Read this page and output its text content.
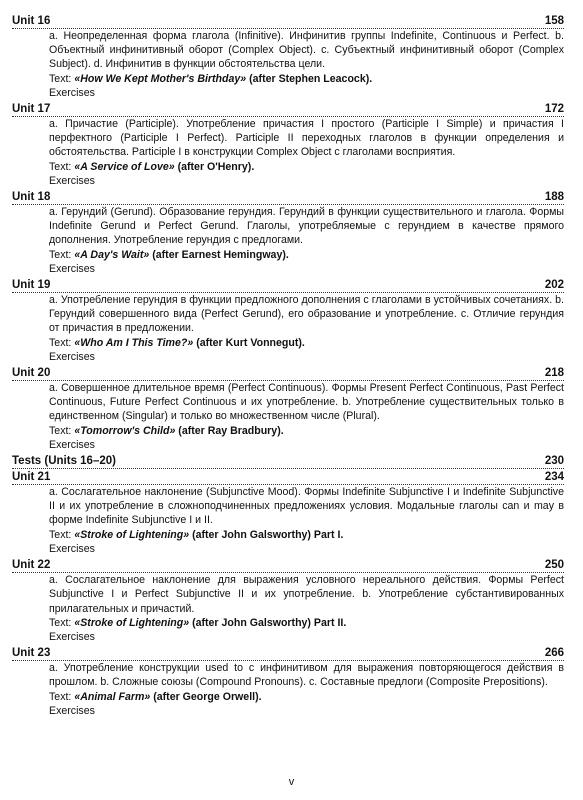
Unit 16	158

a. Неопределенная форма глагола (Infinitive). Инфинитив группы Indefinite, Continuous и Perfect. b. Объектный инфинитивный оборот (Complex Object). c. Субъектный инфинитивный оборот (Complex Subject). d. Инфинитив в функции обстоятельства цели.

Text: «How We Kept Mother's Birthday» (after Stephen Leacock).

Exercises

Unit 17	172

a. Причастие (Participle). Употребление причастия I простого (Participle I Simple) и причастия I перфектного (Participle I Perfect). Participle II переходных глаголов в функции определения и обстоятельства. Participle I в конструкции Complex Object с глаголами восприятия.

Text: «A Service of Love» (after O'Henry).

Exercises

Unit 18	188

a. Герундий (Gerund). Образование герундия. Герундий в функции существительного и глагола. Формы Indefinite Gerund и Perfect Gerund. Глаголы, употребляемые с герундием в качестве прямого дополнения. Употребление герундия с предлогами.

Text: «A Day's Wait» (after Earnest Hemingway).

Exercises

Unit 19	202

a. Употребление герундия в функции предложного дополнения с глаголами в устойчивых сочетаниях. b. Герундий совершенного вида (Perfect Gerund), его образование и употребление. c. Отличие герундия от причастия в предложении.

Text: «Who Am I This Time?» (after Kurt Vonnegut).

Exercises

Unit 20	218

a. Совершенное длительное время (Perfect Continuous). Формы Present Perfect Continuous, Past Perfect Continuous, Future Perfect Continuous и их употребление. b. Употребление существительных только в единственном (Singular) и только во множественном числе (Plural).

Text: «Tomorrow's Child» (after Ray Bradbury).

Exercises

Tests (Units 16–20)	230
Unit 21	234

a. Сослагательное наклонение (Subjunctive Mood). Формы Indefinite Subjunctive I и Indefinite Subjunctive II и их употребление в сложноподчиненных предложениях условия. Модальные глаголы can и may в форме Indefinite Subjunctive I и II.

Text: «Stroke of Lightening» (after John Galsworthy) Part I.

Exercises

Unit 22	250

a. Сослагательное наклонение для выражения условного нереального действия. Формы Perfect Subjunctive I и Perfect Subjunctive II и их употребление. b. Употребление субстантивированных прилагательных и причастий.

Text: «Stroke of Lightening» (after John Galsworthy) Part II.

Exercises

Unit 23	266

a. Употребление конструкции used to с инфинитивом для выражения повторяющегося действия в прошлом. b. Сложные союзы (Compound Pronouns). c. Составные предлоги (Composite Prepositions).

Text: «Animal Farm» (after George Orwell).

Exercises

v
